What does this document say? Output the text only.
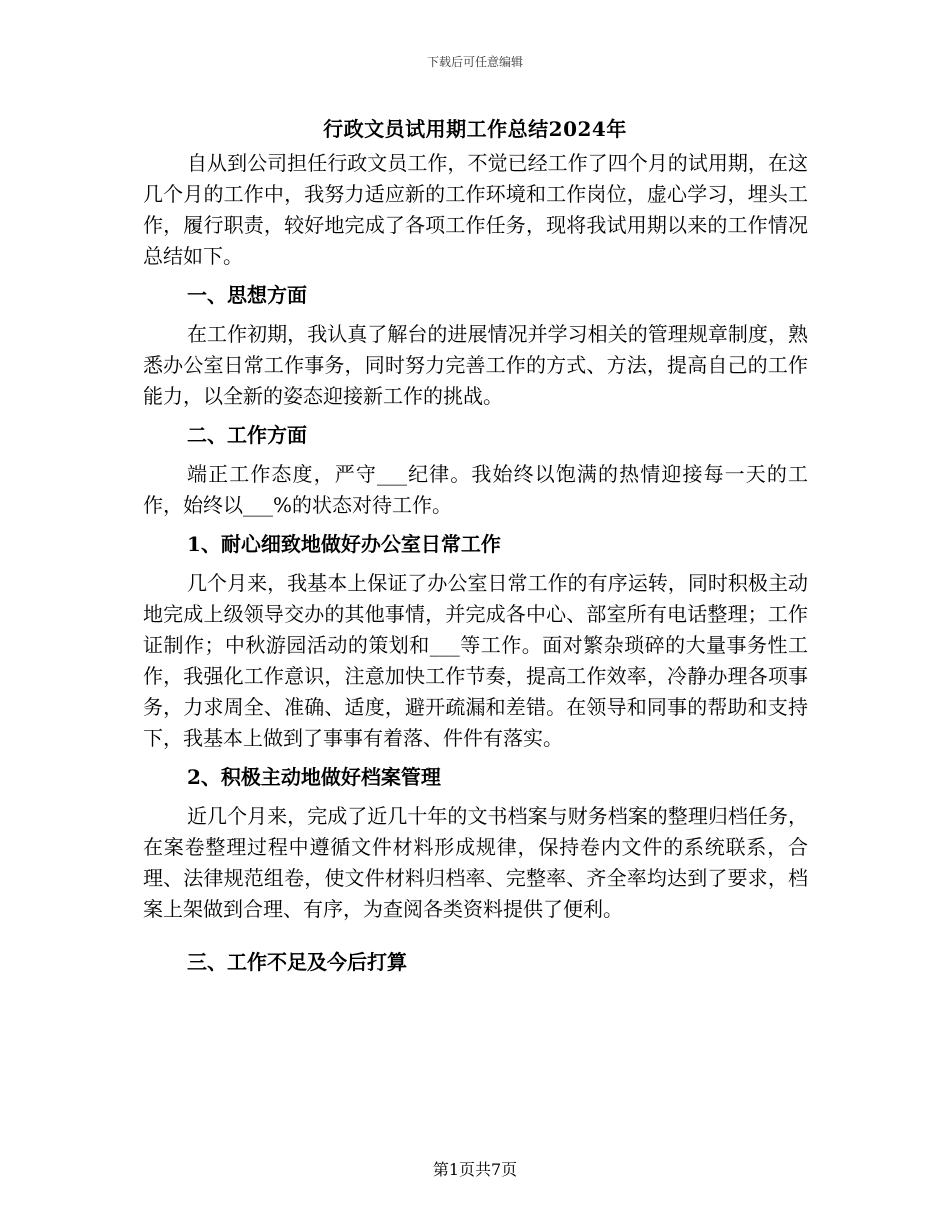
下载后可任意编辑
行政文员试用期工作总结2024年

自从到公司担任行政文员工作，不觉已经工作了四个月的试用期，在这几个月的工作中，我努力适应新的工作环境和工作岗位，虚心学习，埋头工作，履行职责，较好地完成了各项工作任务，现将我试用期以来的工作情况总结如下。

一、思想方面

在工作初期，我认真了解台的进展情况并学习相关的管理规章制度，熟悉办公室日常工作事务，同时努力完善工作的方式、方法，提高自己的工作能力，以全新的姿态迎接新工作的挑战。

二、工作方面

端正工作态度，严守___纪律。我始终以饱满的热情迎接每一天的工作，始终以___%的状态对待工作。

1、耐心细致地做好办公室日常工作

几个月来，我基本上保证了办公室日常工作的有序运转，同时积极主动地完成上级领导交办的其他事情，并完成各中心、部室所有电话整理；工作证制作；中秋游园活动的策划和___等工作。面对繁杂琐碎的大量事务性工作，我强化工作意识，注意加快工作节奏，提高工作效率，冷静办理各项事务，力求周全、准确、适度，避开疏漏和差错。在领导和同事的帮助和支持下，我基本上做到了事事有着落、件件有落实。

2、积极主动地做好档案管理

近几个月来，完成了近几十年的文书档案与财务档案的整理归档任务，在案卷整理过程中遵循文件材料形成规律，保持卷内文件的系统联系，合理、法律规范组卷，使文件材料归档率、完整率、齐全率均达到了要求，档案上架做到合理、有序，为查阅各类资料提供了便利。

三、工作不足及今后打算
第1页共7页
